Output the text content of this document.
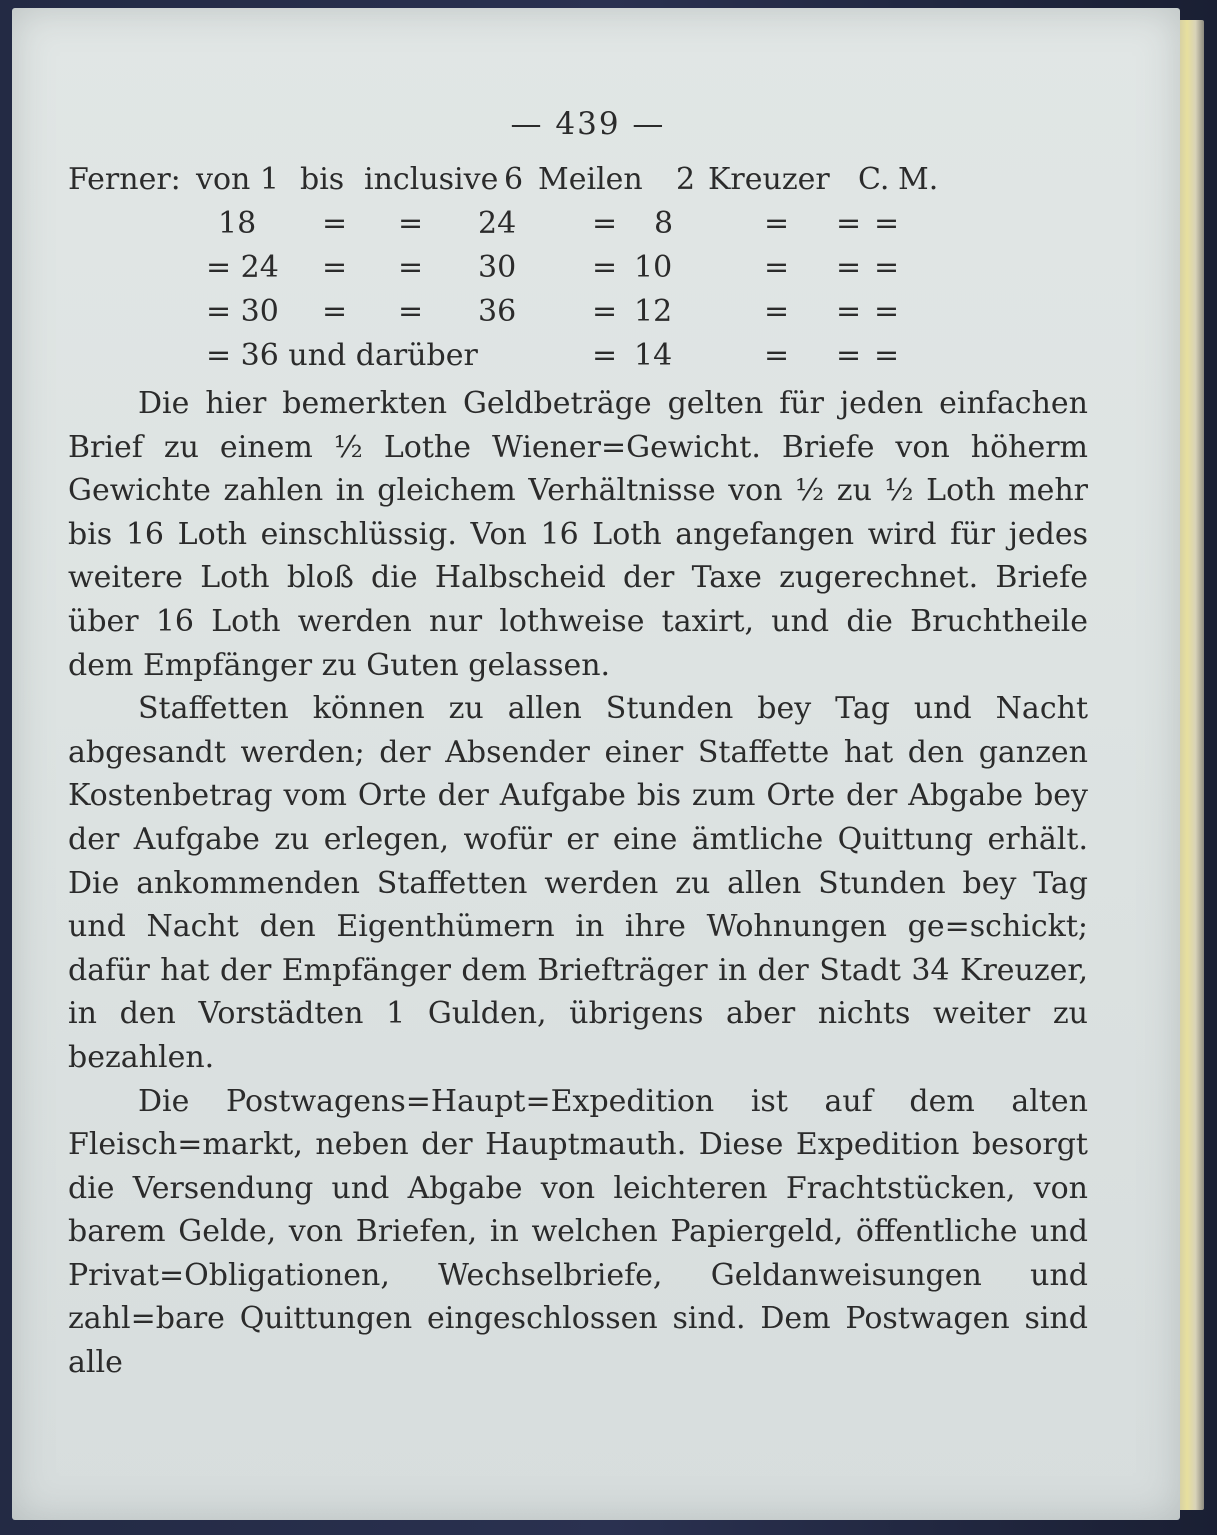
— 439 —
Ferner: von 1 bis inclusive 6 Meilen 2 Kreuzer C. M.
18 = = 24	= 8	= = =
= 24 = = 30	= 10	= = =
= 30 = = 36	= 12	= = =
= 36 und darüber	= 14	= = =

Die hier bemerkten Geldbeträge gelten für jeden einfachen Brief zu einem ½ Lothe Wiener=Gewicht. Briefe von höherm Gewichte zahlen in gleichem Verhältnisse von ½ zu ½ Loth mehr bis 16 Loth einschlüssig. Von 16 Loth angefangen wird für jedes weitere Loth bloß die Halbscheid der Taxe zugerechnet. Briefe über 16 Loth werden nur lothweise taxirt, und die Bruchtheile dem Empfänger zu Guten gelassen.

Staffetten können zu allen Stunden bey Tag und Nacht abgesandt werden; der Absender einer Staffette hat den ganzen Kostenbetrag vom Orte der Aufgabe bis zum Orte der Abgabe bey der Aufgabe zu erlegen, wofür er eine ämtliche Quittung erhält. Die ankommenden Staffetten werden zu allen Stunden bey Tag und Nacht den Eigenthümern in ihre Wohnungen ge=schickt; dafür hat der Empfänger dem Briefträger in der Stadt 34 Kreuzer, in den Vorstädten 1 Gulden, übrigens aber nichts weiter zu bezahlen.

Die Postwagens=Haupt=Expedition ist auf dem alten Fleisch=markt, neben der Hauptmauth. Diese Expedition besorgt die Versendung und Abgabe von leichteren Frachtstücken, von barem Gelde, von Briefen, in welchen Papiergeld, öffentliche und Privat=Obligationen, Wechselbriefe, Geldanweisungen und zahl=bare Quittungen eingeschlossen sind. Dem Postwagen sind alle
